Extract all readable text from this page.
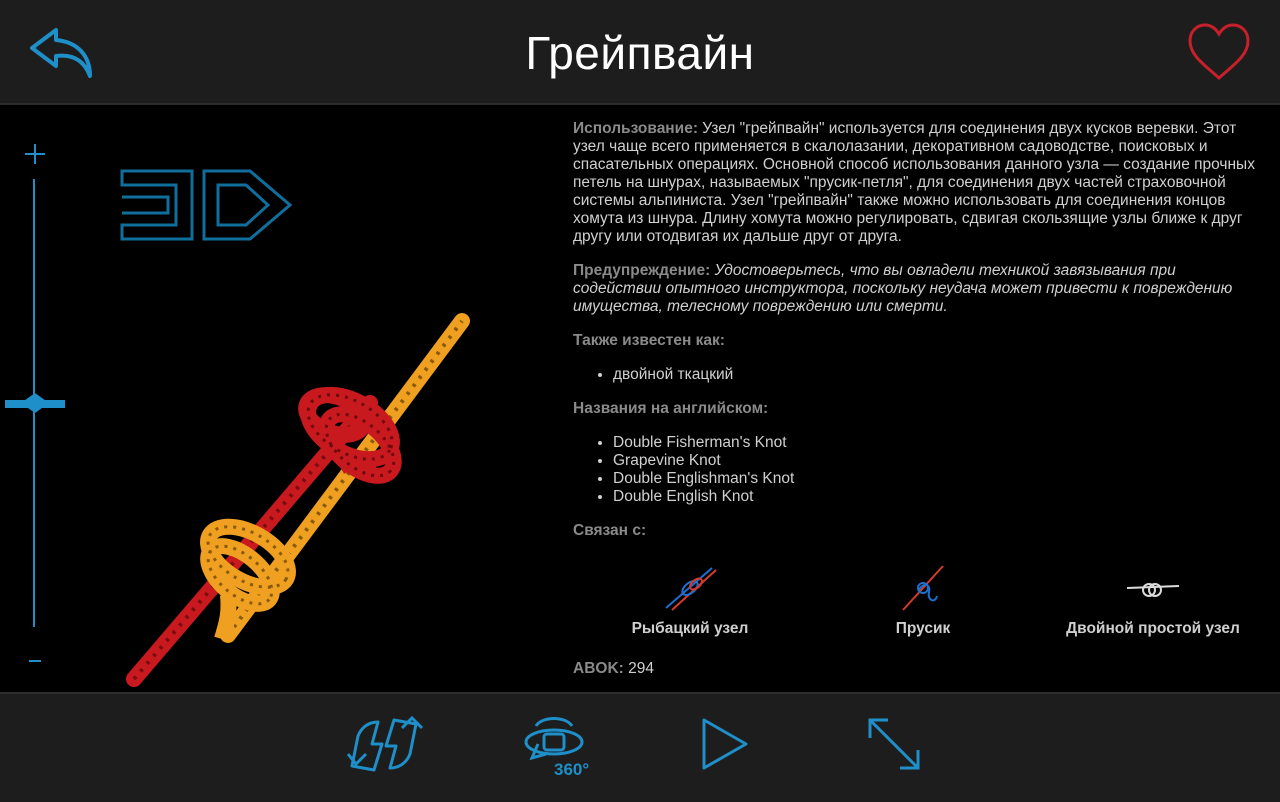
Грейпвайн

Использование: Узел "грейпвайн" используется для соединения двух кусков веревки. Этот узел чаще всего применяется в скалолазании, декоративном садоводстве, поисковых и спасательных операциях. Основной способ использования данного узла — создание прочных петель на шнурах, называемых "прусик-петля", для соединения двух частей страховочной системы альпиниста. Узел "грейпвайн" также можно использовать для соединения концов хомута из шнура. Длину хомута можно регулировать, сдвигая скользящие узлы ближе к друг другу или отодвигая их дальше друг от друга.

Предупреждение: Удостоверьтесь, что вы овладели техникой завязывания при содействии опытного инструктора, поскольку неудача может привести к повреждению имущества, телесному повреждению или смерти.

Также известен как:
• двойной ткацкий
Названия на английском:
• Double Fisherman's Knot
• Grapevine Knot
• Double Englishman's Knot
• Double English Knot
Связан с:
Рыбацкий узел	Прусик	Двойной простой узел
ABOK: 294
360°
